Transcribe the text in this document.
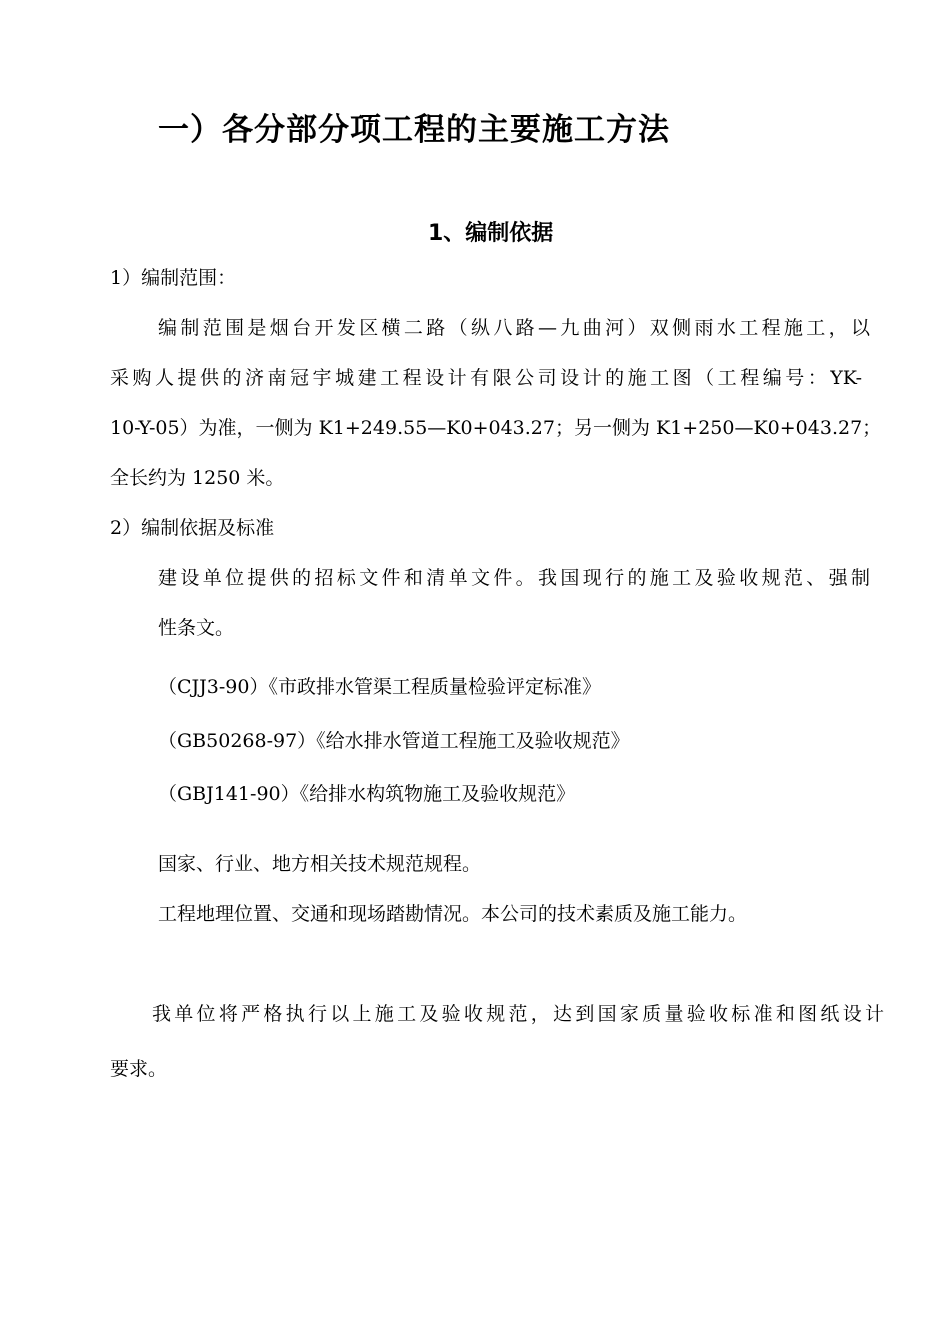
一）各分部分项工程的主要施工方法
1、编制依据

1）编制范围：

编制范围是烟台开发区横二路（纵八路—九曲河）双侧雨水工程施工，以

采购人提供的济南冠宇城建工程设计有限公司设计的施工图（工程编号：YK-

10-Y-05）为准，一侧为 K1+249.55—K0+043.27；另一侧为 K1+250—K0+043.27；

全长约为 1250 米。

2）编制依据及标准

建设单位提供的招标文件和清单文件。我国现行的施工及验收规范、强制

性条文。

（CJJ3-90）《市政排水管渠工程质量检验评定标准》

（GB50268-97）《给水排水管道工程施工及验收规范》

（GBJ141-90）《给排水构筑物施工及验收规范》

国家、行业、地方相关技术规范规程。

工程地理位置、交通和现场踏勘情况。本公司的技术素质及施工能力。

我单位将严格执行以上施工及验收规范，达到国家质量验收标准和图纸设计

要求。
